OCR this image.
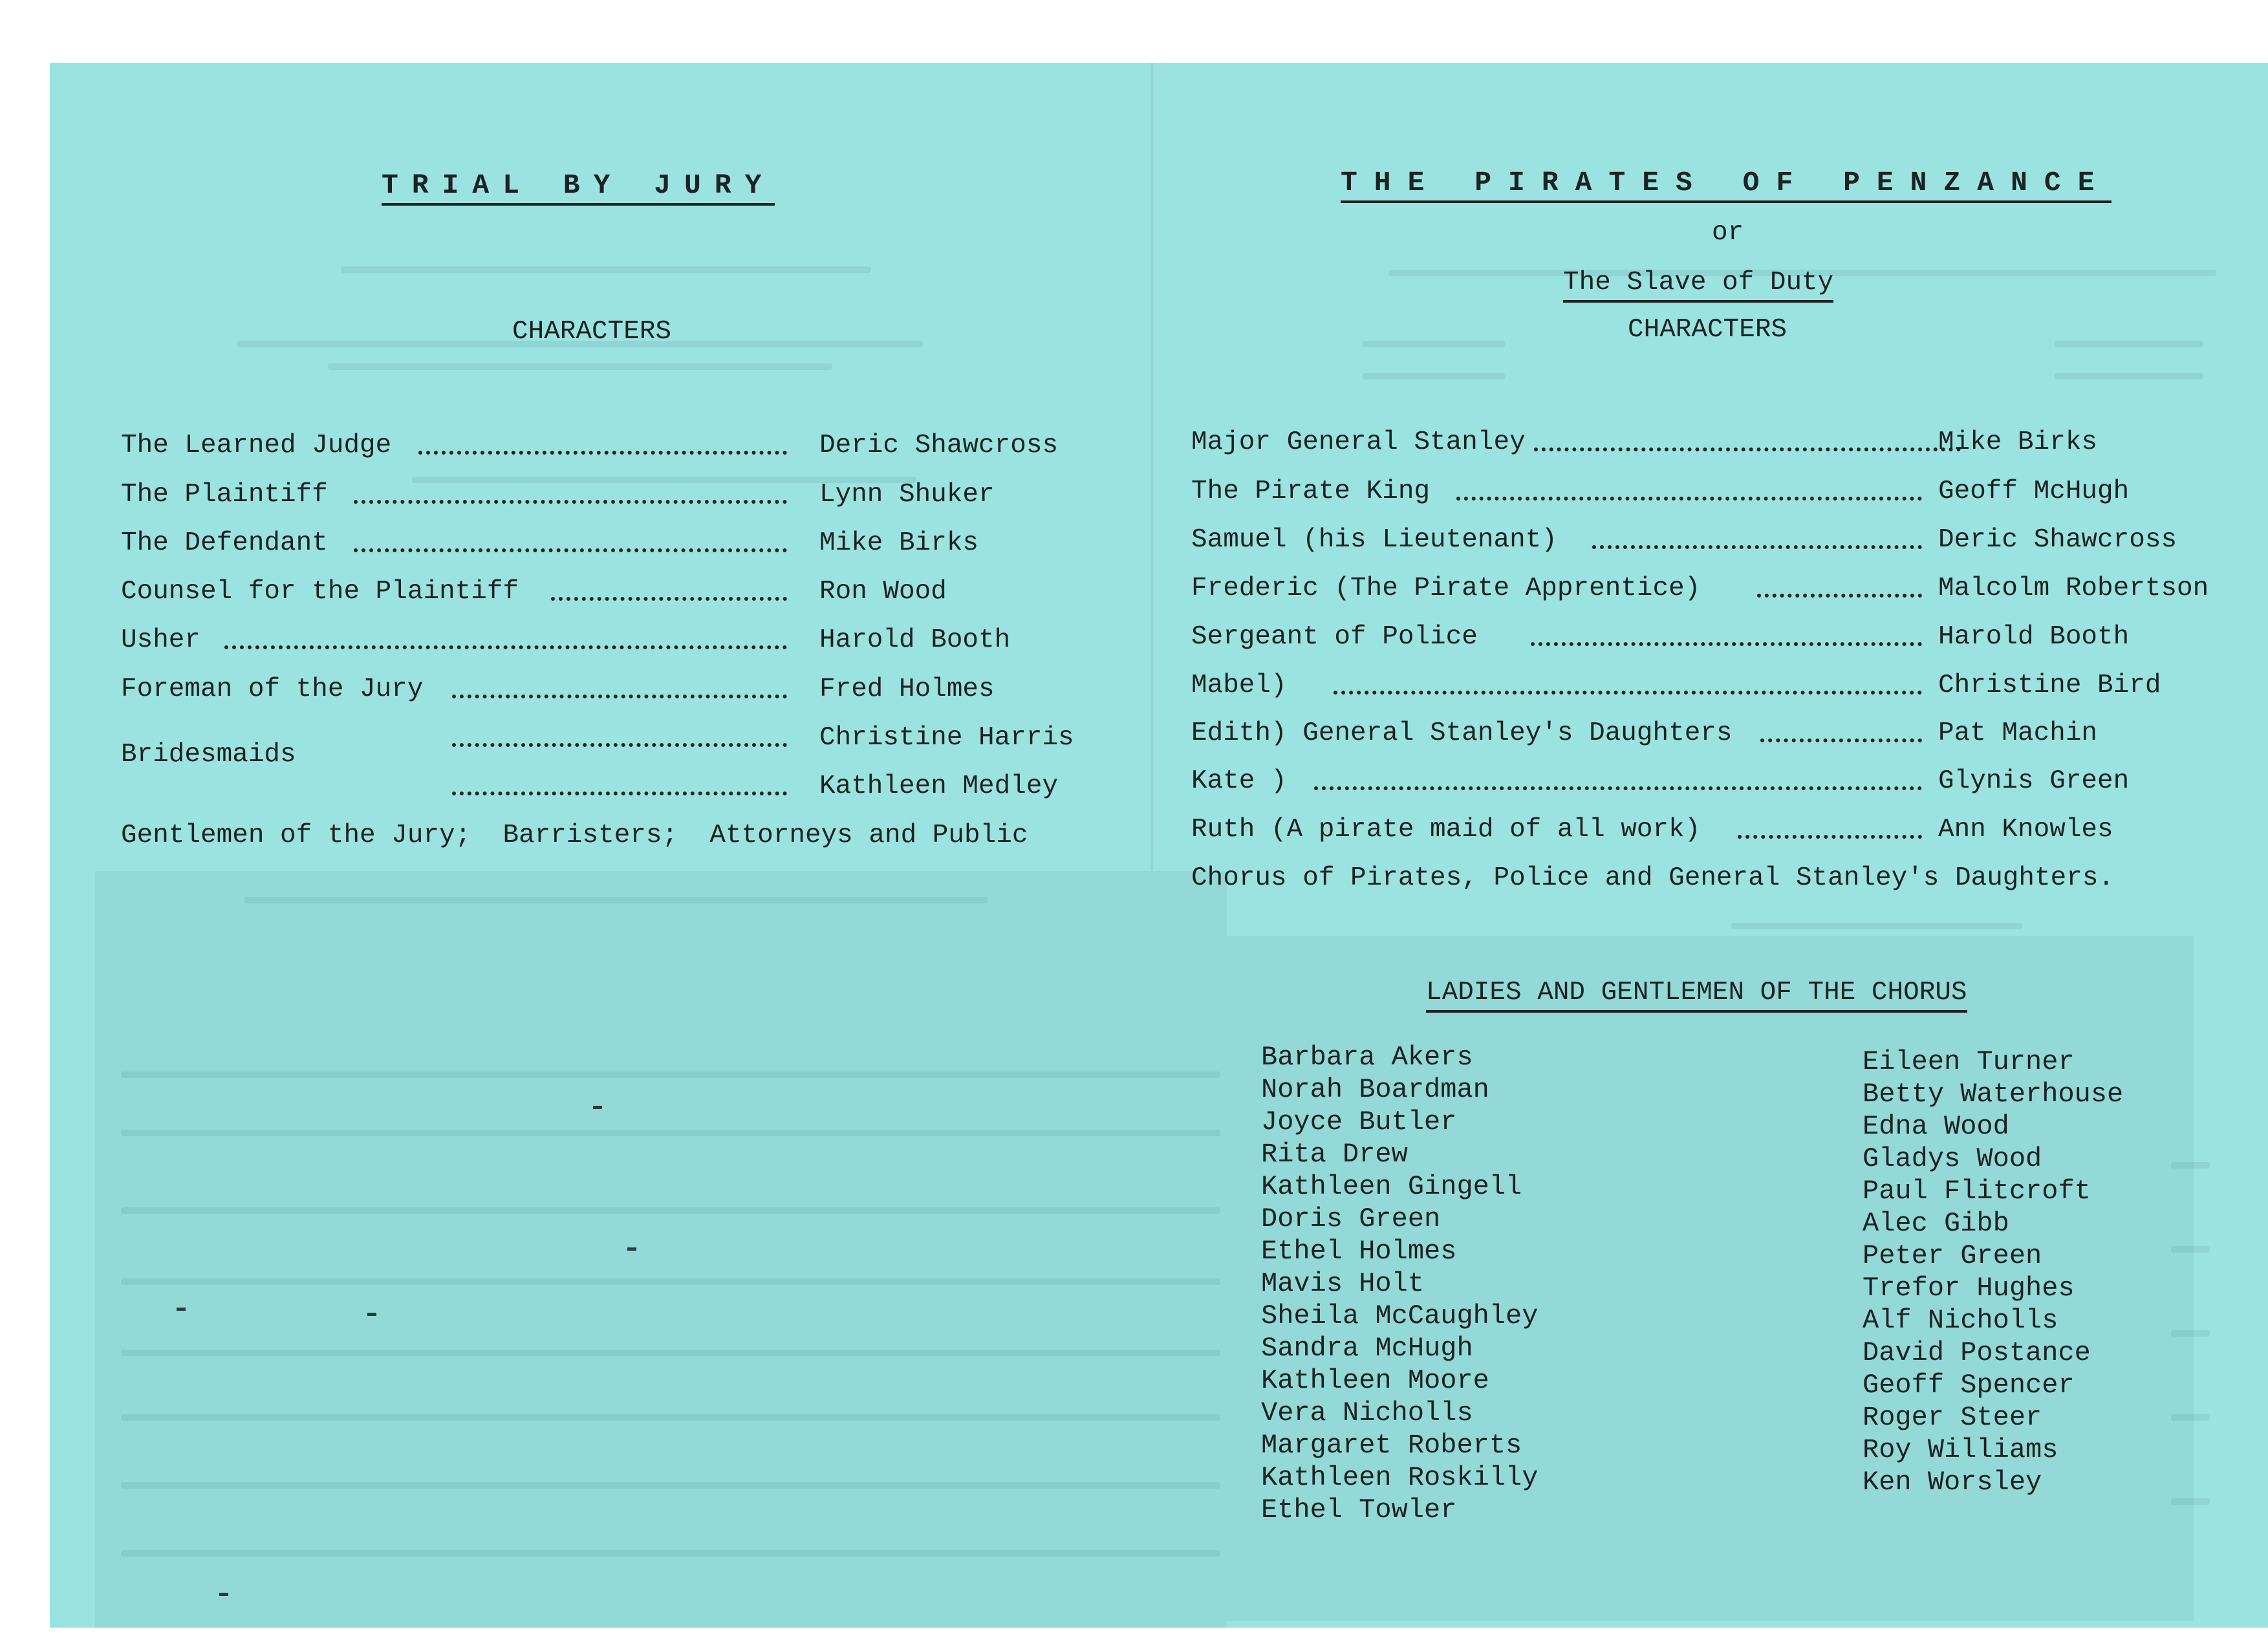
TRIAL BY JURY
CHARACTERS
The Learned Judge	Deric Shawcross
The Plaintiff	Lynn Shuker
The Defendant	Mike Birks
Counsel for the Plaintiff	Ron Wood
Usher	Harold Booth
Foreman of the Jury	Fred Holmes
Bridesmaids
Christine Harris
Kathleen Medley
Gentlemen of the Jury;  Barristers;  Attorneys and Public
THE PIRATES OF PENZANCE
or
The Slave of Duty
CHARACTERS
Major General Stanley	Mike Birks
The Pirate King	Geoff McHugh
Samuel (his Lieutenant)	Deric Shawcross
Frederic (The Pirate Apprentice)	Malcolm Robertson
Sergeant of Police	Harold Booth
Mabel)	Christine Bird
Edith) General Stanley's Daughters	Pat Machin
Kate )	Glynis Green
Ruth (A pirate maid of all work)	Ann Knowles
Chorus of Pirates, Police and General Stanley's Daughters.
LADIES AND GENTLEMEN OF THE CHORUS
Barbara Akers
Norah Boardman
Joyce Butler
Rita Drew
Kathleen Gingell
Doris Green
Ethel Holmes
Mavis Holt
Sheila McCaughley
Sandra McHugh
Kathleen Moore
Vera Nicholls
Margaret Roberts
Kathleen Roskilly
Ethel Towler
Eileen Turner
Betty Waterhouse
Edna Wood
Gladys Wood
Paul Flitcroft
Alec Gibb
Peter Green
Trefor Hughes
Alf Nicholls
David Postance
Geoff Spencer
Roger Steer
Roy Williams
Ken Worsley
